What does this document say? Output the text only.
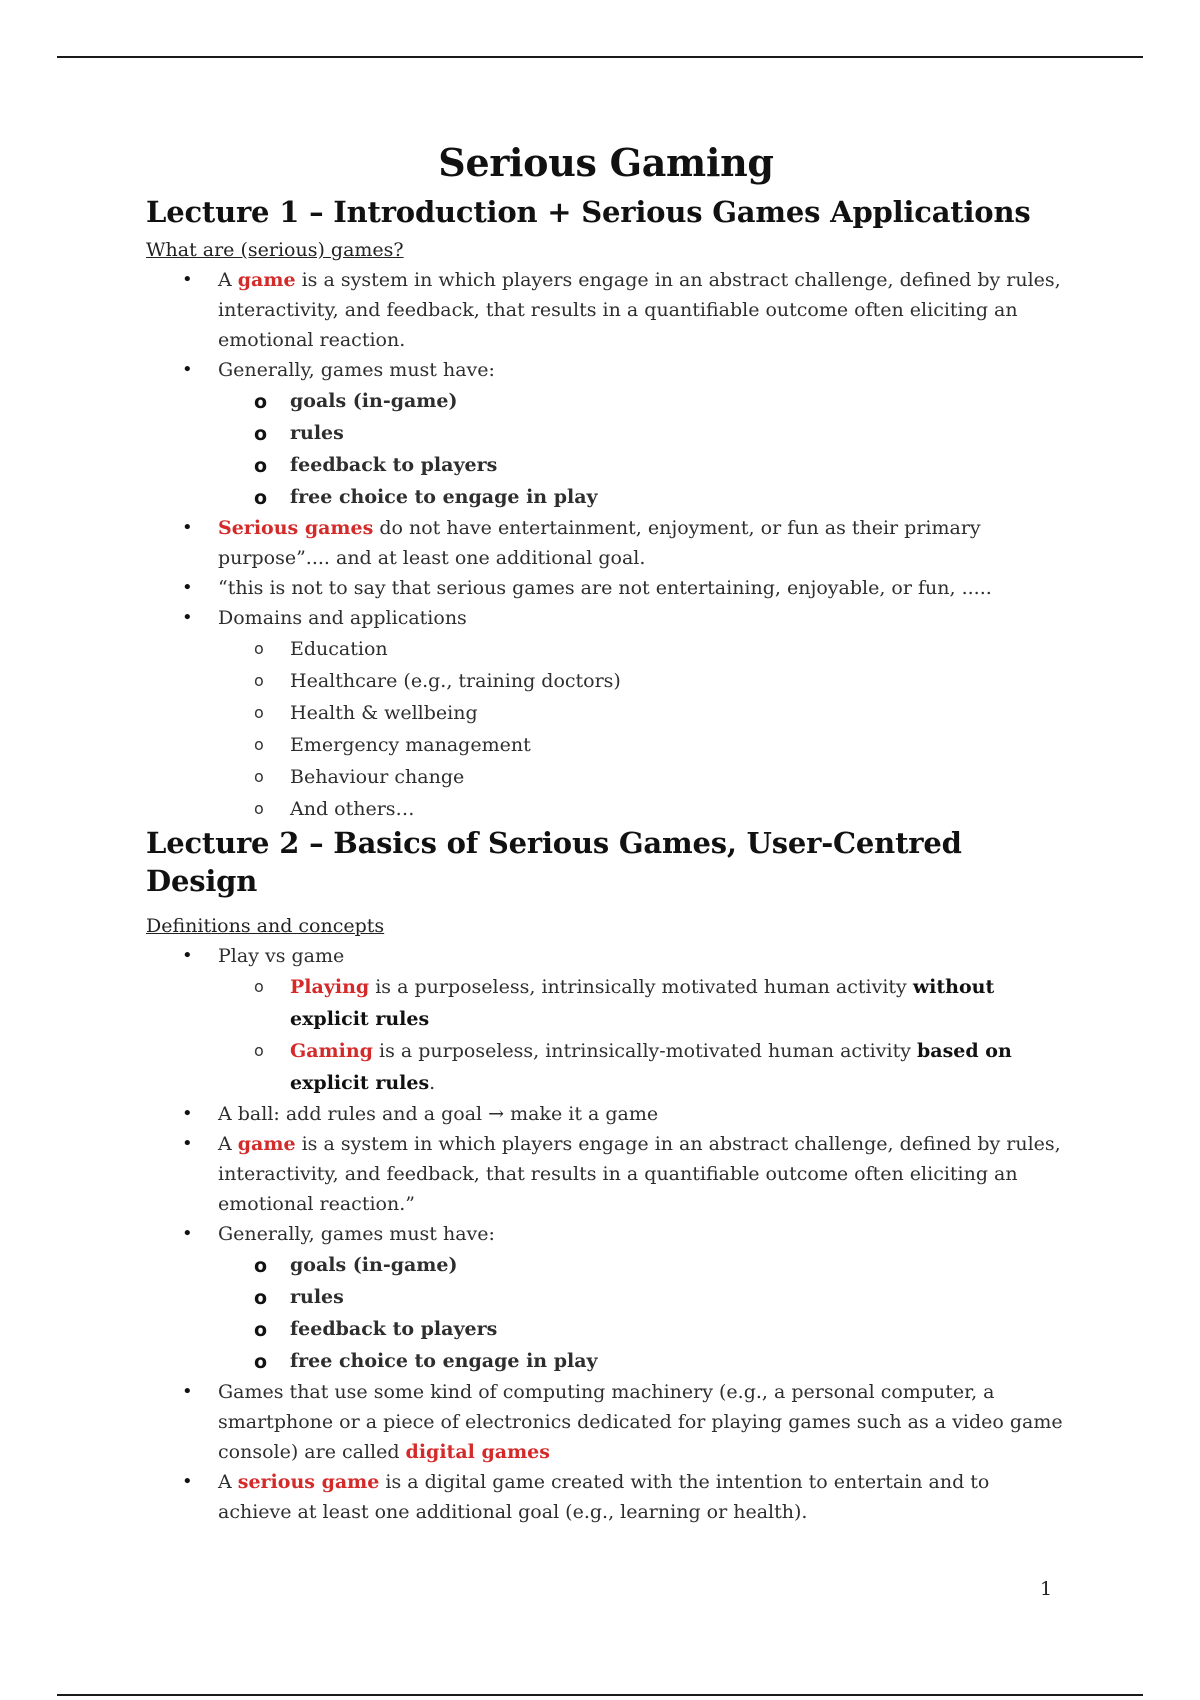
Serious Gaming
Lecture 1 – Introduction + Serious Games Applications
What are (serious) games?
• A game is a system in which players engage in an abstract challenge, defined by rules, interactivity, and feedback, that results in a quantifiable outcome often eliciting an emotional reaction.
• Generally, games must have:
o goals (in-game)
o rules
o feedback to players
o free choice to engage in play
• Serious games do not have entertainment, enjoyment, or fun as their primary purpose”.... and at least one additional goal.
• “this is not to say that serious games are not entertaining, enjoyable, or fun, .....
• Domains and applications
o Education
o Healthcare (e.g., training doctors)
o Health & wellbeing
o Emergency management
o Behaviour change
o And others…
Lecture 2 – Basics of Serious Games, User-Centred Design
Definitions and concepts
• Play vs game
o Playing is a purposeless, intrinsically motivated human activity without explicit rules
o Gaming is a purposeless, intrinsically-motivated human activity based on explicit rules.
• A ball: add rules and a goal → make it a game
• A game is a system in which players engage in an abstract challenge, defined by rules, interactivity, and feedback, that results in a quantifiable outcome often eliciting an emotional reaction.”
• Generally, games must have:
o goals (in-game)
o rules
o feedback to players
o free choice to engage in play
• Games that use some kind of computing machinery (e.g., a personal computer, a smartphone or a piece of electronics dedicated for playing games such as a video game console) are called digital games
• A serious game is a digital game created with the intention to entertain and to achieve at least one additional goal (e.g., learning or health).
1
